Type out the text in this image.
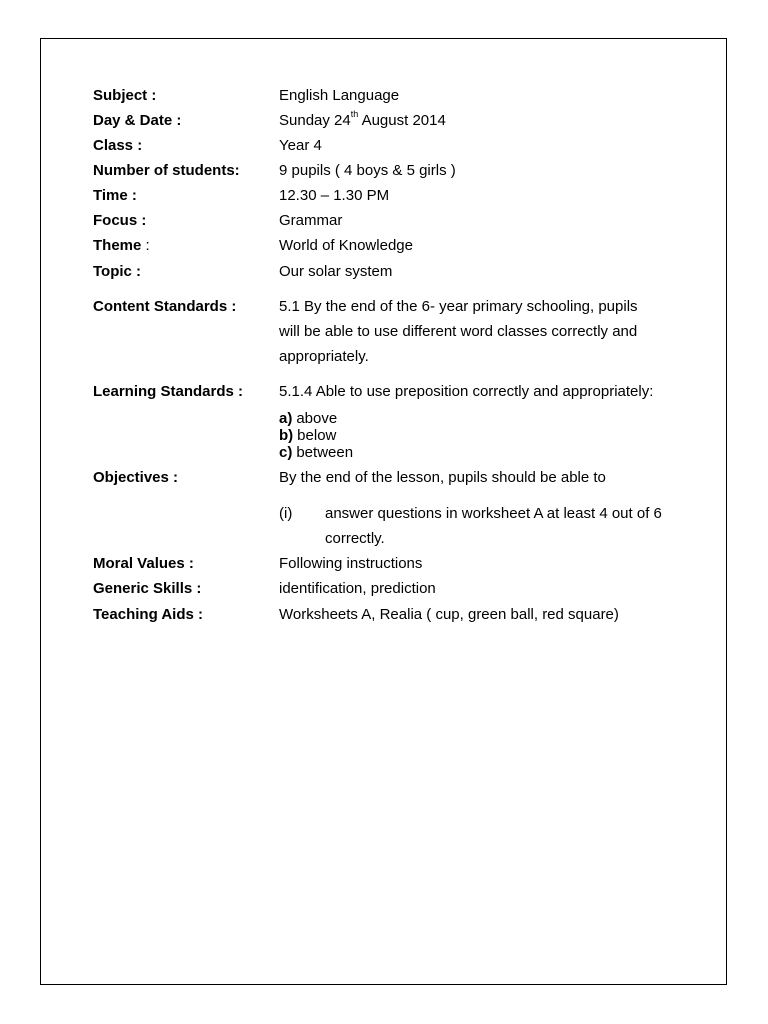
Subject :	English Language
Day & Date :	Sunday 24th August 2014
Class :	Year 4
Number of students:	9 pupils ( 4 boys & 5 girls )
Time :	12.30 – 1.30 PM
Focus :	Grammar
Theme :	World of Knowledge
Topic :	Our solar system
Content Standards :	5.1 By the end of the 6- year primary schooling, pupils
will be able to use different word classes correctly and
appropriately.
Learning Standards : 5.1.4 Able to use preposition correctly and appropriately:
a) above
b) below
c) between
Objectives :	By the end of the lesson, pupils should be able to
(i) answer questions in worksheet A at least 4 out of 6
correctly.
Moral Values :	Following instructions
Generic Skills :	identification, prediction
Teaching Aids :	Worksheets A, Realia ( cup, green ball, red square)
